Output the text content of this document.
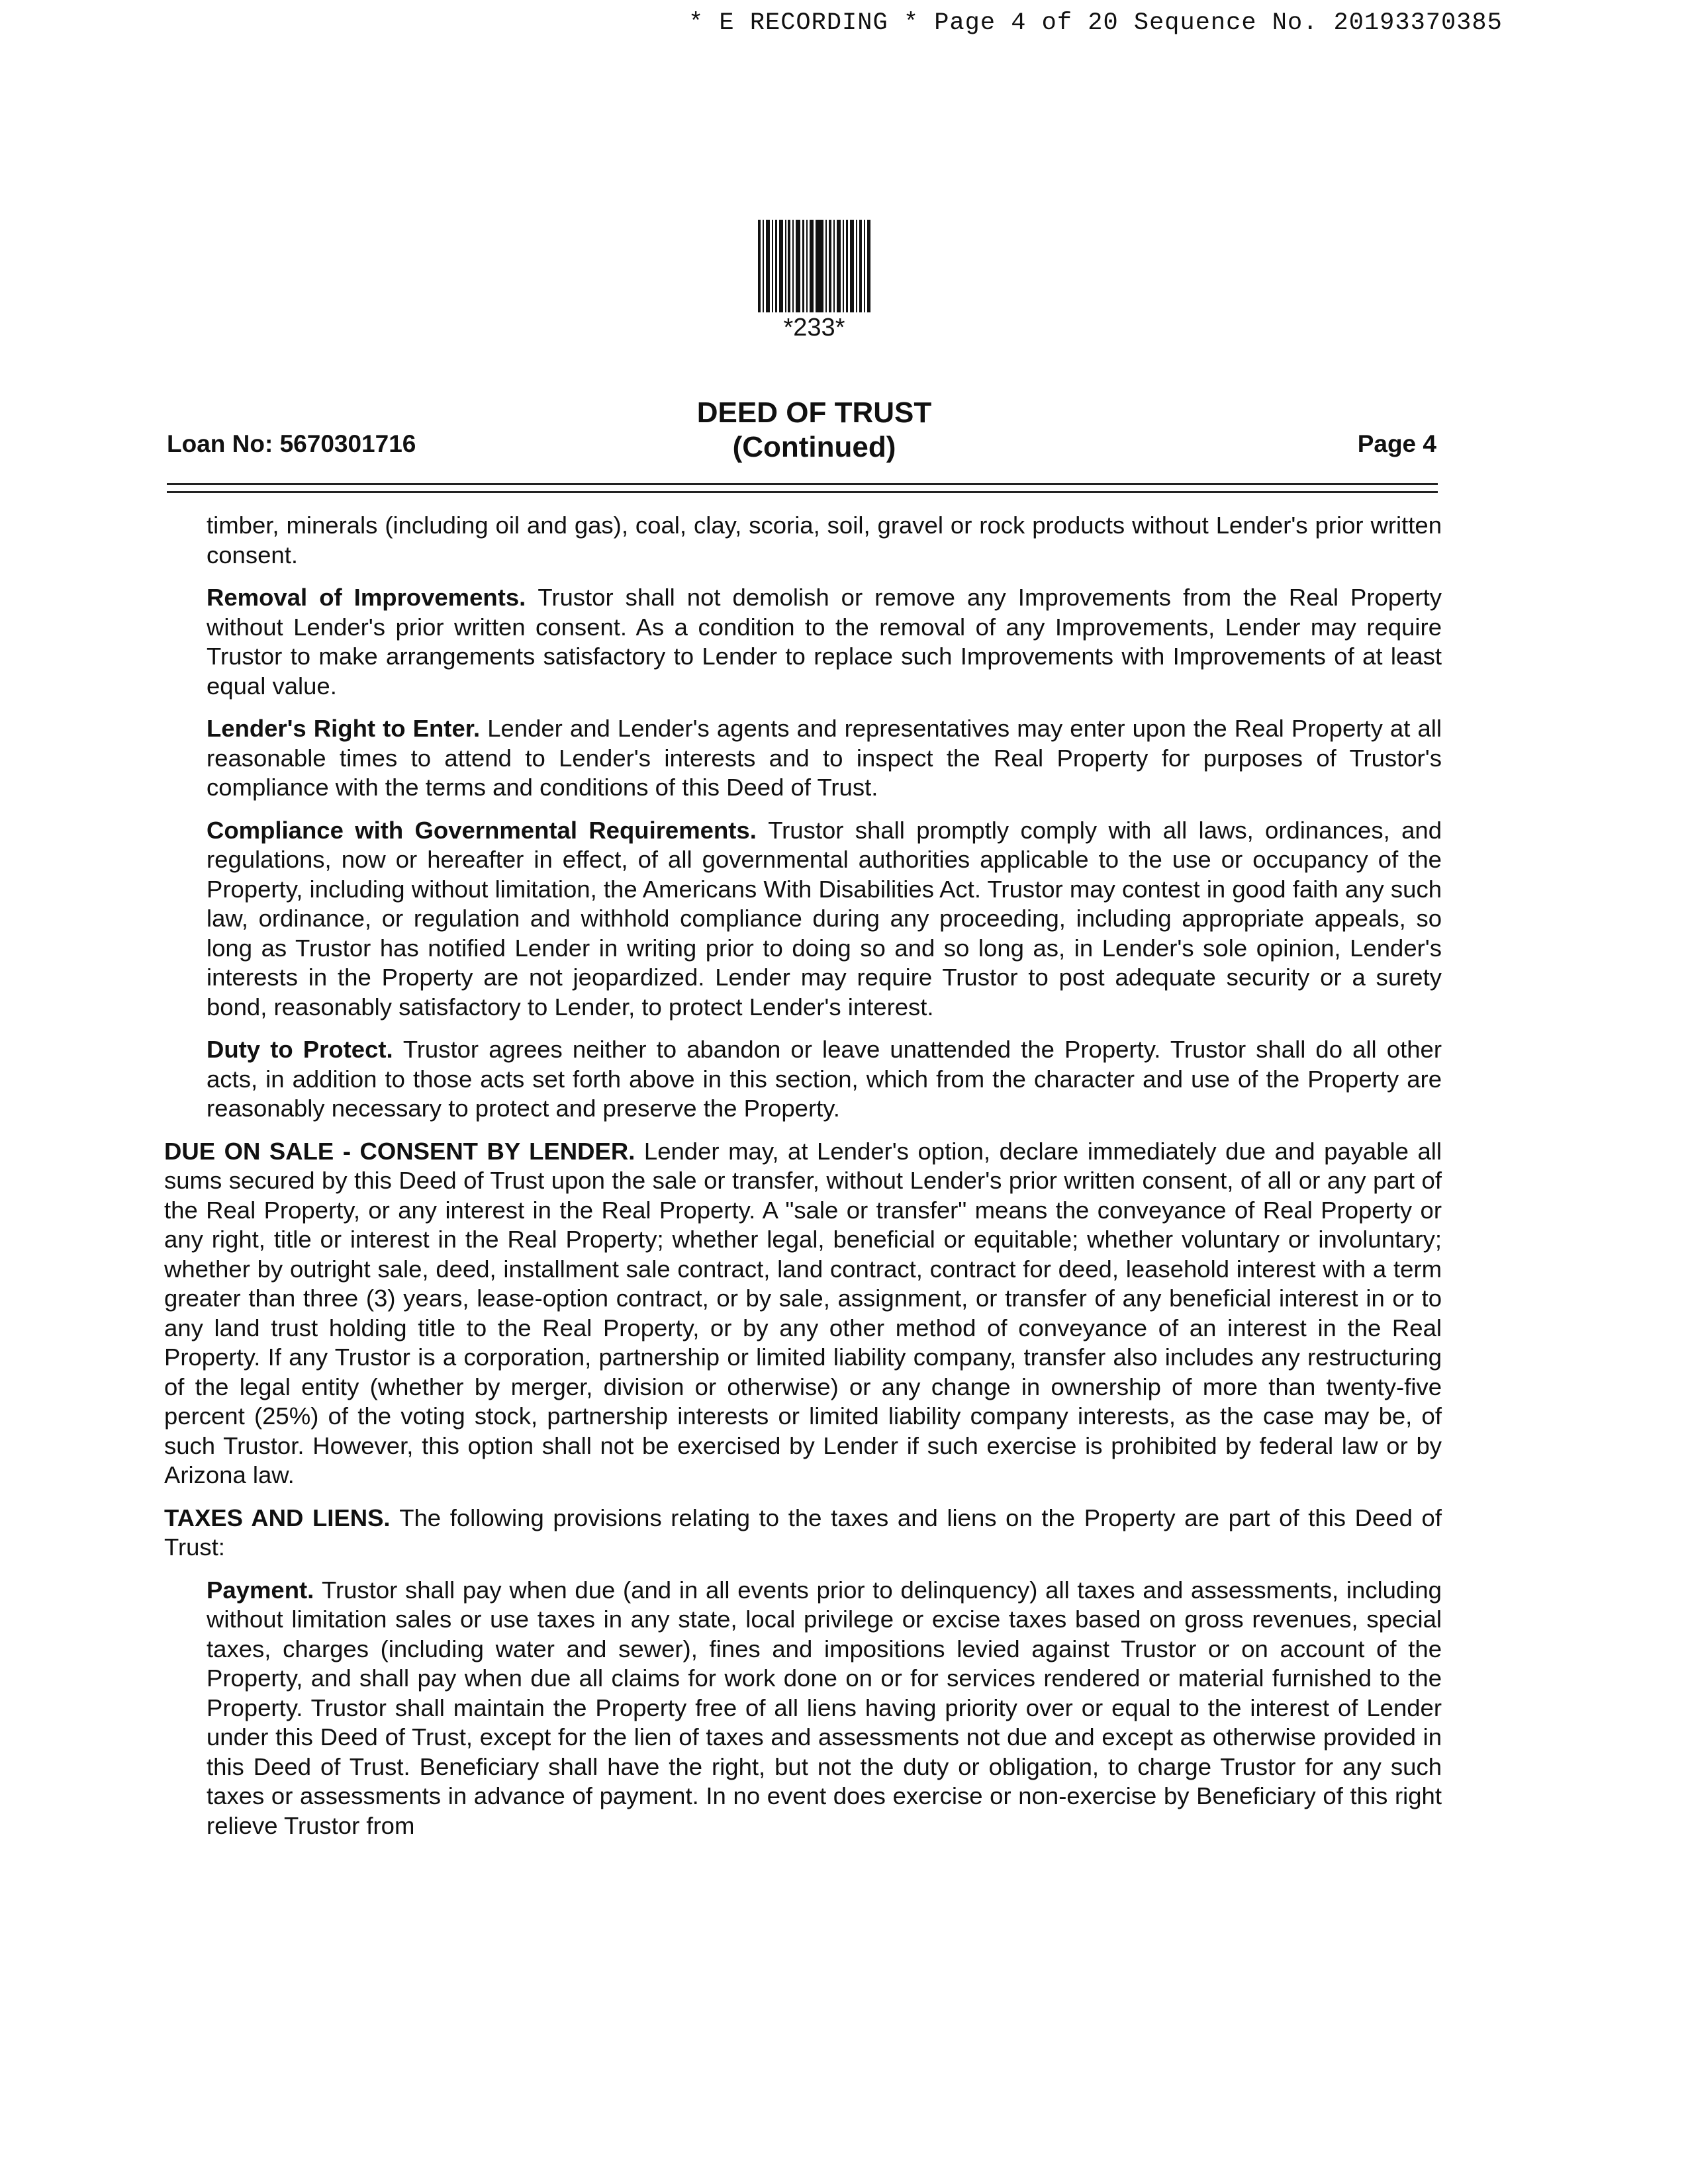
* E RECORDING * Page 4 of 20 Sequence No. 20193370385
*233*
DEED OF TRUST
(Continued)
Loan No: 5670301716	Page 4

timber, minerals (including oil and gas), coal, clay, scoria, soil, gravel or rock products without Lender's prior written consent.

Removal of Improvements. Trustor shall not demolish or remove any Improvements from the Real Property without Lender's prior written consent. As a condition to the removal of any Improvements, Lender may require Trustor to make arrangements satisfactory to Lender to replace such Improvements with Improvements of at least equal value.

Lender's Right to Enter. Lender and Lender's agents and representatives may enter upon the Real Property at all reasonable times to attend to Lender's interests and to inspect the Real Property for purposes of Trustor's compliance with the terms and conditions of this Deed of Trust.

Compliance with Governmental Requirements. Trustor shall promptly comply with all laws, ordinances, and regulations, now or hereafter in effect, of all governmental authorities applicable to the use or occupancy of the Property, including without limitation, the Americans With Disabilities Act. Trustor may contest in good faith any such law, ordinance, or regulation and withhold compliance during any proceeding, including appropriate appeals, so long as Trustor has notified Lender in writing prior to doing so and so long as, in Lender's sole opinion, Lender's interests in the Property are not jeopardized. Lender may require Trustor to post adequate security or a surety bond, reasonably satisfactory to Lender, to protect Lender's interest.

Duty to Protect. Trustor agrees neither to abandon or leave unattended the Property. Trustor shall do all other acts, in addition to those acts set forth above in this section, which from the character and use of the Property are reasonably necessary to protect and preserve the Property.

DUE ON SALE - CONSENT BY LENDER. Lender may, at Lender's option, declare immediately due and payable all sums secured by this Deed of Trust upon the sale or transfer, without Lender's prior written consent, of all or any part of the Real Property, or any interest in the Real Property. A "sale or transfer" means the conveyance of Real Property or any right, title or interest in the Real Property; whether legal, beneficial or equitable; whether voluntary or involuntary; whether by outright sale, deed, installment sale contract, land contract, contract for deed, leasehold interest with a term greater than three (3) years, lease-option contract, or by sale, assignment, or transfer of any beneficial interest in or to any land trust holding title to the Real Property, or by any other method of conveyance of an interest in the Real Property. If any Trustor is a corporation, partnership or limited liability company, transfer also includes any restructuring of the legal entity (whether by merger, division or otherwise) or any change in ownership of more than twenty-five percent (25%) of the voting stock, partnership interests or limited liability company interests, as the case may be, of such Trustor. However, this option shall not be exercised by Lender if such exercise is prohibited by federal law or by Arizona law.

TAXES AND LIENS. The following provisions relating to the taxes and liens on the Property are part of this Deed of Trust:

Payment. Trustor shall pay when due (and in all events prior to delinquency) all taxes and assessments, including without limitation sales or use taxes in any state, local privilege or excise taxes based on gross revenues, special taxes, charges (including water and sewer), fines and impositions levied against Trustor or on account of the Property, and shall pay when due all claims for work done on or for services rendered or material furnished to the Property. Trustor shall maintain the Property free of all liens having priority over or equal to the interest of Lender under this Deed of Trust, except for the lien of taxes and assessments not due and except as otherwise provided in this Deed of Trust. Beneficiary shall have the right, but not the duty or obligation, to charge Trustor for any such taxes or assessments in advance of payment. In no event does exercise or non-exercise by Beneficiary of this right relieve Trustor from
